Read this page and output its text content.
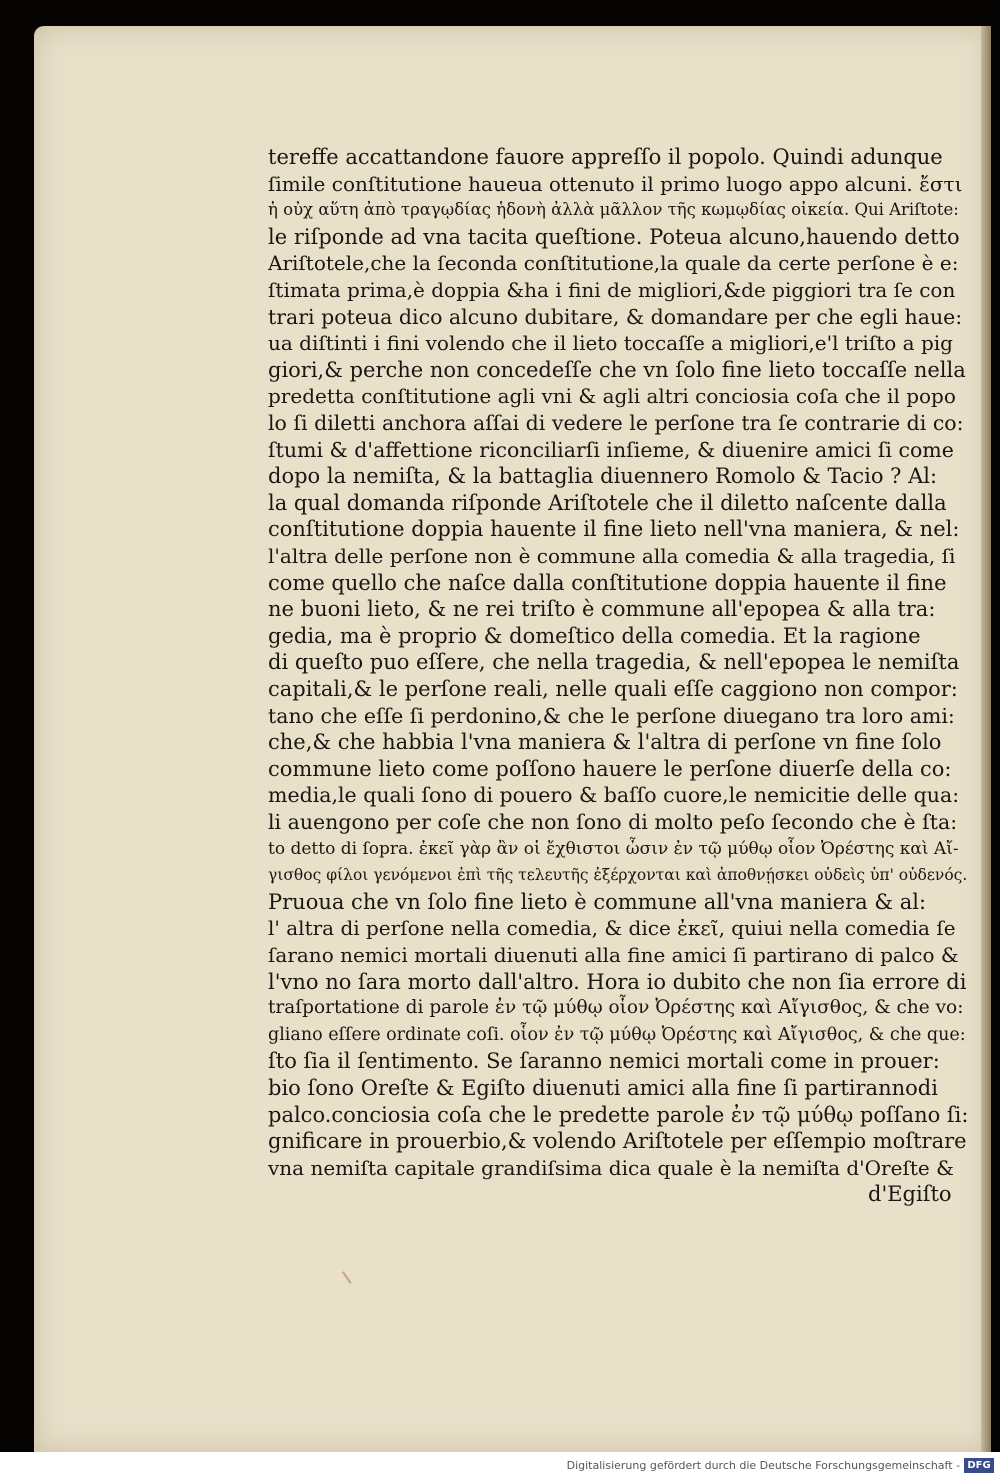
tereffe accattandone fauore appreſſo il popolo. Quindi adunque
ſimile conſtitutione haueua ottenuto il primo luogo appo alcuni. ἔστι
ἡ οὐχ αὕτη ἀπὸ τραγῳδίας ἡδονὴ ἀλλὰ μᾶλλον τῆς κωμῳδίας οἰκεία. Qui Ariſtote:
le riſponde ad vna tacita queſtione. Poteua alcuno,hauendo detto
Ariſtotele,che la ſeconda conſtitutione,la quale da certe perſone è e:
ſtimata prima,è doppia &ha i fini de migliori,&de piggiori tra ſe con
trari poteua dico alcuno dubitare, & domandare per che egli haue:
ua diſtinti i fini volendo che il lieto toccaſſe a migliori,e'l triſto a pig
giori,& perche non concedeſſe che vn ſolo fine lieto toccaſſe nella
predetta conſtitutione agli vni & agli altri conciosia coſa che il popo
lo ſi diletti anchora aſſai di vedere le perſone tra ſe contrarie di co:
ſtumi & d'affettione riconciliarſi inſieme, & diuenire amici ſi come
dopo la nemiſta, & la battaglia diuennero Romolo & Tacio ? Al:
la qual domanda riſponde Ariſtotele che il diletto naſcente dalla
conſtitutione doppia hauente il fine lieto nell'vna maniera, & nel:
l'altra delle perſone non è commune alla comedia & alla tragedia, ſi
come quello che naſce dalla conſtitutione doppia hauente il fine
ne buoni lieto, & ne rei triſto è commune all'epopea & alla tra:
gedia, ma è proprio & domeſtico della comedia. Et la ragione
di queſto puo eſſere, che nella tragedia, & nell'epopea le nemiſta
capitali,& le perſone reali, nelle quali eſſe caggiono non compor:
tano che eſſe ſi perdonino,& che le perſone diuegano tra loro ami:
che,& che habbia l'vna maniera & l'altra di perſone vn fine ſolo
commune lieto come poſſono hauere le perſone diuerſe della co:
media,le quali ſono di pouero & baſſo cuore,le nemicitie delle qua:
li auengono per coſe che non ſono di molto peſo ſecondo che è ſta:
to detto di ſopra. ἐκεῖ γὰρ ἂν οἱ ἔχθιστοι ὦσιν ἐν τῷ μύθῳ οἷον Ὀρέστης καὶ Αἴ-
γισθος φίλοι γενόμενοι ἐπὶ τῆς τελευτῆς ἐξέρχονται καὶ ἀποθνῄσκει οὐδεὶς ὑπ' οὐδενός.
Pruoua che vn ſolo fine lieto è commune all'vna maniera & al:
l' altra di perſone nella comedia, & dice ἐκεῖ, quiui nella comedia ſe
ſarano nemici mortali diuenuti alla fine amici ſi partirano di palco &
l'vno no ſara morto dall'altro. Hora io dubito che non ſia errore di
traſportatione di parole ἐν τῷ μύθῳ οἷον Ὀρέστης καὶ Αἴγισθος, & che vo:
gliano eſſere ordinate coſi. οἷον ἐν τῷ μύθῳ Ὀρέστης καὶ Αἴγισθος, & che que:
ſto ſia il ſentimento. Se ſaranno nemici mortali come in prouer:
bio ſono Oreſte & Egiſto diuenuti amici alla fine ſi partirannodi
palco.conciosia coſa che le predette parole ἐν τῷ μύθῳ poſſano ſi:
gnificare in prouerbio,& volendo Ariſtotele per eſſempio moſtrare
vna nemiſta capitale grandiſsima dica quale è la nemiſta d'Oreſte &
d'Egiſto
Digitalisierung gefördert durch die Deutsche Forschungsgemeinschaft - DFG
